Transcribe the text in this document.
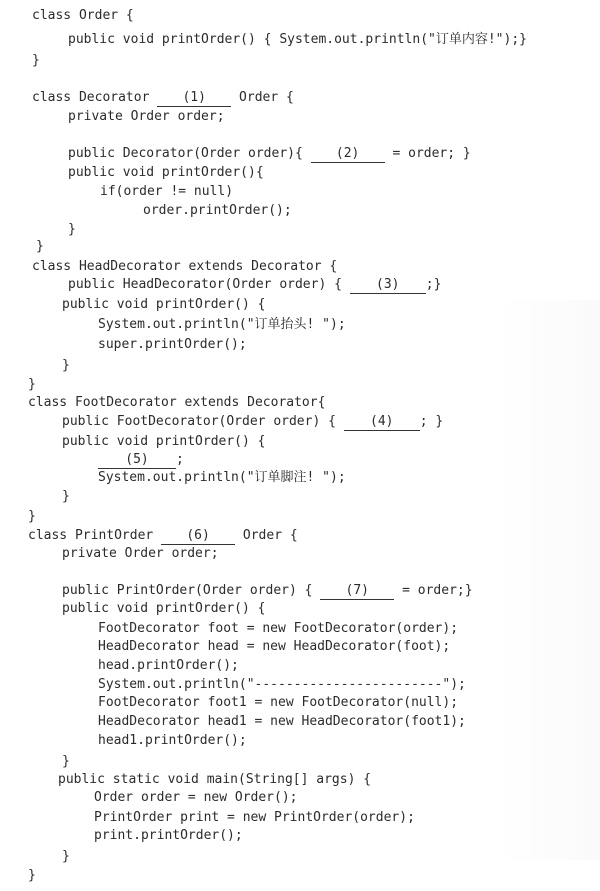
class Order {
public void printOrder() { System.out.println("订单内容!");}
}
class Decorator (1) Order {
private Order order;
public Decorator(Order order){ (2) = order; }
public void printOrder(){
if(order != null)
order.printOrder();
}
}
class HeadDecorator extends Decorator {
public HeadDecorator(Order order) { (3) ;}
public void printOrder() {
System.out.println("订单抬头! ");
super.printOrder();
}
}
class FootDecorator extends Decorator{
public FootDecorator(Order order) { (4) ; }
public void printOrder() {
(5) ;
System.out.println("订单脚注! ");
}
}
class PrintOrder (6) Order {
private Order order;
public PrintOrder(Order order) { (7) = order;}
public void printOrder() {
FootDecorator foot = new FootDecorator(order);
HeadDecorator head = new HeadDecorator(foot);
head.printOrder();
System.out.println("------------------------");
FootDecorator foot1 = new FootDecorator(null);
HeadDecorator head1 = new HeadDecorator(foot1);
head1.printOrder();
}
public static void main(String[] args) {
Order order = new Order();
PrintOrder print = new PrintOrder(order);
print.printOrder();
}
}
